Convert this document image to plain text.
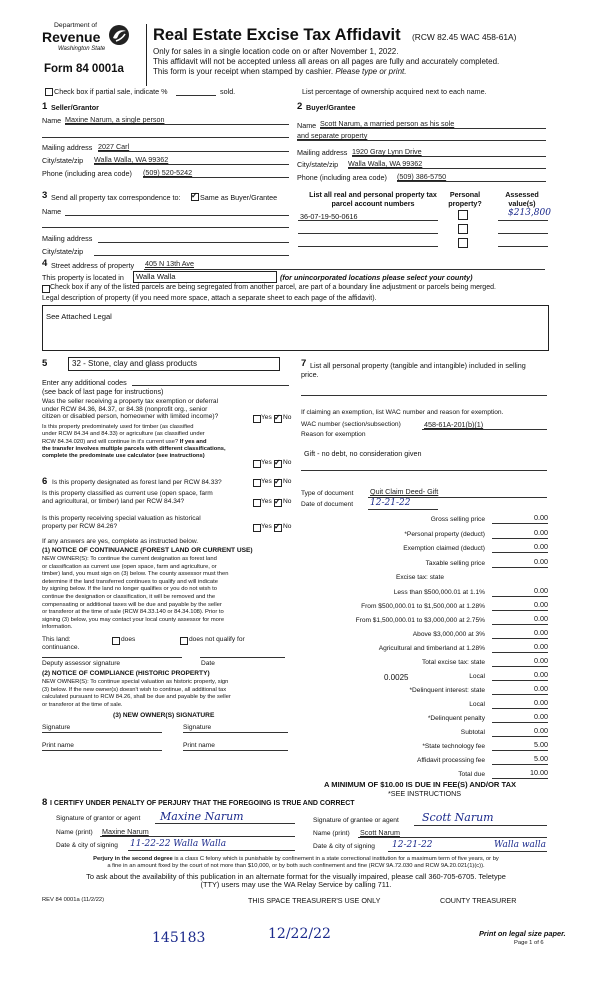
Department of
Revenue
Washington State
Form 84 0001a
Real Estate Excise Tax Affidavit (RCW 82.45 WAC 458-61A)
Only for sales in a single location code on or after November 1, 2022.
This affidavit will not be accepted unless all areas on all pages are fully and accurately completed.
This form is your receipt when stamped by cashier. Please type or print.
Check box if partial sale, indicate %	sold.	List percentage of ownership acquired next to each name.
1 Seller/Grantor
Name Maxine Narum, a single person
Mailing address 2027 Carl
City/state/zip Walla Walla, WA 99362
Phone (including area code) (509) 520-5242
2 Buyer/Grantee
Name Scott Narum, a married person as his sole
and separate property
Mailing address 1920 Gray Lynn Drive
City/state/zip Walla Walla, WA 99362
Phone (including area code) (509) 386-5750
3 Send all property tax correspondence to: ✓ Same as Buyer/Grantee
Name
Mailing address
City/state/zip
List all real and personal property tax
parcel account numbers
Personal
property?
Assessed
value(s)
36-07-19-50-0616	$213,800
4 Street address of property 405 N 13th Ave
This property is located in Walla Walla	(for unincorporated locations please select your county)
Check box if any of the listed parcels are being segregated from another parcel, are part of a boundary line adjustment or parcels being merged.
Legal description of property (if you need more space, attach a separate sheet to each page of the affidavit).
See Attached Legal
5	32 - Stone, clay and glass products
Enter any additional codes
(see back of last page for instructions)
Was the seller receiving a property tax exemption or deferral
under RCW 84.36, 84.37, or 84.38 (nonprofit org., senior
citizen or disabled person, homeowner with limited income)?	Yes ✓ No
Is this property predominately used for timber (as classified
under RCW 84.34 and 84.33) or agriculture (as classified under
RCW 84.34.020) and will continue in it's current use? If yes and
the transfer involves multiple parcels with different classifications,
complete the predominate use calculator (see instructions)
Yes ✓ No
6 Is this property designated as forest land per RCW 84.33?	Yes ✓ No
Is this property classified as current use (open space, farm
and agricultural, or timber) land per RCW 84.34?	Yes ✓ No
Is this property receiving special valuation as historical
property per RCW 84.26?	Yes ✓ No
If any answers are yes, complete as instructed below.
(1) NOTICE OF CONTINUANCE (FOREST LAND OR CURRENT USE)
NEW OWNER(S): To continue the current designation as forest land
or classification as current use (open space, farm and agriculture, or
timber) land, you must sign on (3) below. The county assessor must then
determine if the land transferred continues to qualify and will indicate
by signing below. If the land no longer qualifies or you do not wish to
continue the designation or classification, it will be removed and the
compensating or additional taxes will be due and payable by the seller
or transferor at the time of sale (RCW 84.33.140 or 84.34.108). Prior to
signing (3) below, you may contact your local county assessor for more
information.
This land:	does	does not qualify for
continuance.
Deputy assessor signature	Date
(2) NOTICE OF COMPLIANCE (HISTORIC PROPERTY)
NEW OWNER(S): To continue special valuation as historic property, sign
(3) below. If the new owner(s) doesn't wish to continue, all additional tax
calculated pursuant to RCW 84.26, shall be due and payable by the seller
or transferor at the time of sale.
(3) NEW OWNER(S) SIGNATURE
Signature	Signature
Print name	Print name
7 List all personal property (tangible and intangible) included in selling
price.
If claiming an exemption, list WAC number and reason for exemption.
WAC number (section/subsection)	458-61A-201(b)(1)
Reason for exemption
Gift - no debt, no consideration given
Type of document Quit Claim Deed- Gift
Date of document 12-21-22
Gross selling price	0.00
*Personal property (deduct)	0.00
Exemption claimed (deduct)	0.00
Taxable selling price	0.00
Excise tax: state
Less than $500,000.01 at 1.1%	0.00
From $500,000.01 to $1,500,000 at 1.28%	0.00
From $1,500,000.01 to $3,000,000 at 2.75%	0.00
Above $3,000,000 at 3%	0.00
Agricultural and timberland at 1.28%	0.00
Total excise tax: state	0.00
0.0025	Local	0.00
*Delinquent interest: state	0.00
Local	0.00
*Delinquent penalty	0.00
Subtotal	0.00
*State technology fee	5.00
Affidavit processing fee	5.00
Total due	10.00
A MINIMUM OF $10.00 IS DUE IN FEE(S) AND/OR TAX
*SEE INSTRUCTIONS
8 I CERTIFY UNDER PENALTY OF PERJURY THAT THE FOREGOING IS TRUE AND CORRECT
Signature of grantor or agent Maxine Narum
Name (print) Maxine Narum
Date & city of signing 11-22-22 Walla Walla
Signature of grantee or agent Scott Narum
Name (print) Scott Narum
Date & city of signing 12-21-22	Walla walla
Perjury in the second degree is a class C felony which is punishable by confinement in a state correctional institution for a maximum term of five years, or by
a fine in an amount fixed by the court of not more than $10,000, or by both such confinement and fine (RCW 9A.72.030 and RCW 9A.20.021(1)(c)).
To ask about the availability of this publication in an alternate format for the visually impaired, please call 360-705-6705. Teletype
(TTY) users may use the WA Relay Service by calling 711.
REV 84 0001a (11/2/22)	THIS SPACE TREASURER'S USE ONLY	COUNTY TREASURER
145183	12/22/22	Print on legal size paper.
Page 1 of 6
